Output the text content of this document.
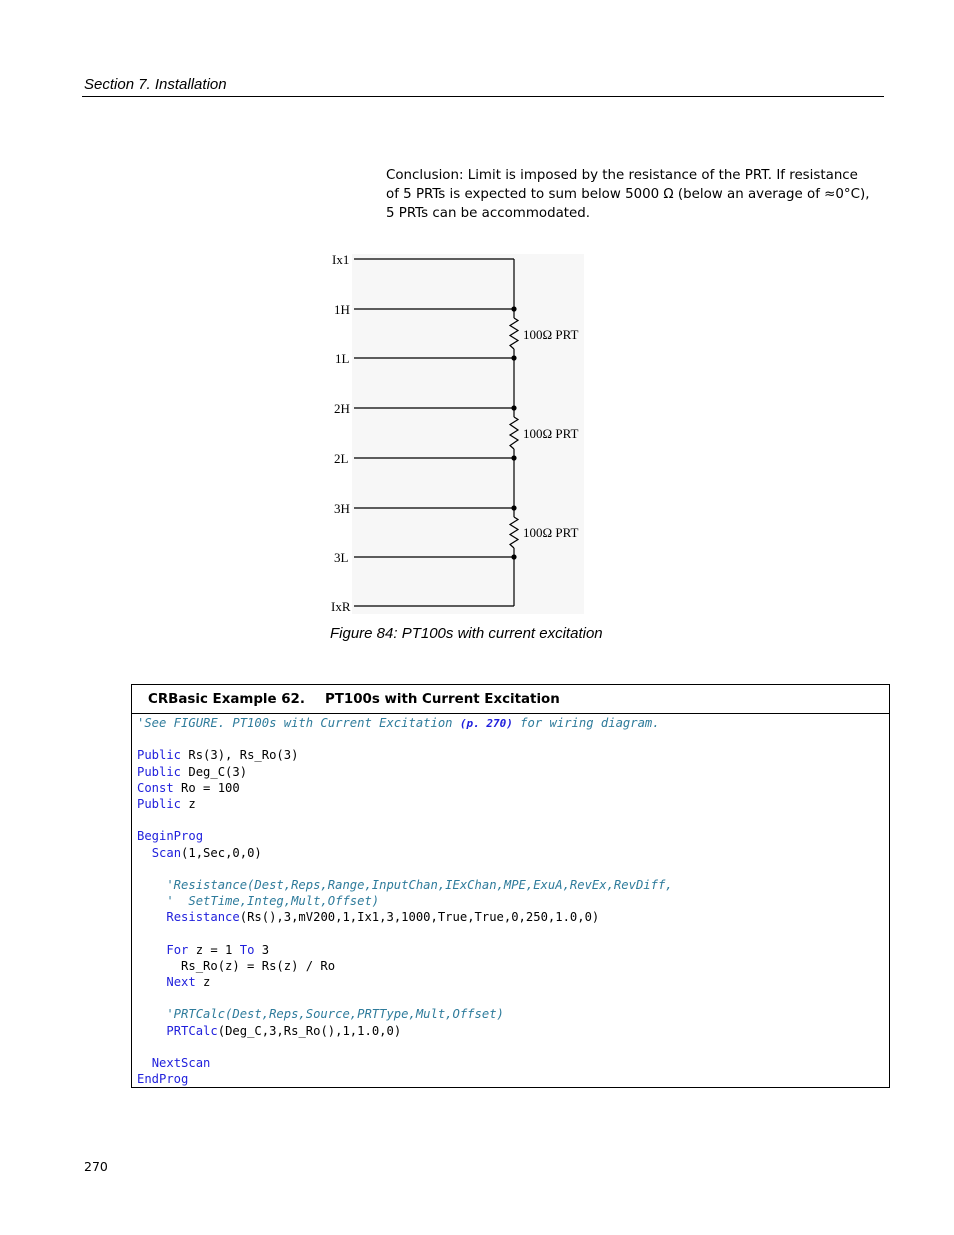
Section 7. Installation
Conclusion: Limit is imposed by the resistance of the PRT. If resistance
of 5 PRTs is expected to sum below 5000 Ω (below an average of ≈0°C),
5 PRTs can be accommodated.
Ix1
1H
1L
2H
2L
3H
3L
IxR
100Ω PRT
100Ω PRT
100Ω PRT
Figure 84: PT100s with current excitation
CRBasic Example 62. PT100s with Current Excitation
'See FIGURE. PT100s with Current Excitation (p. 270) for wiring diagram.
Public Rs(3), Rs_Ro(3)
Public Deg_C(3)
Const Ro = 100
Public z
BeginProg
Scan(1,Sec,0,0)
'Resistance(Dest,Reps,Range,InputChan,IExChan,MPE,ExuA,RevEx,RevDiff,
'  SetTime,Integ,Mult,Offset)
Resistance(Rs(),3,mV200,1,Ix1,3,1000,True,True,0,250,1.0,0)
For z = 1 To 3
Rs_Ro(z) = Rs(z) / Ro
Next z
'PRTCalc(Dest,Reps,Source,PRTType,Mult,Offset)
PRTCalc(Deg_C,3,Rs_Ro(),1,1.0,0)
NextScan
EndProg
270
